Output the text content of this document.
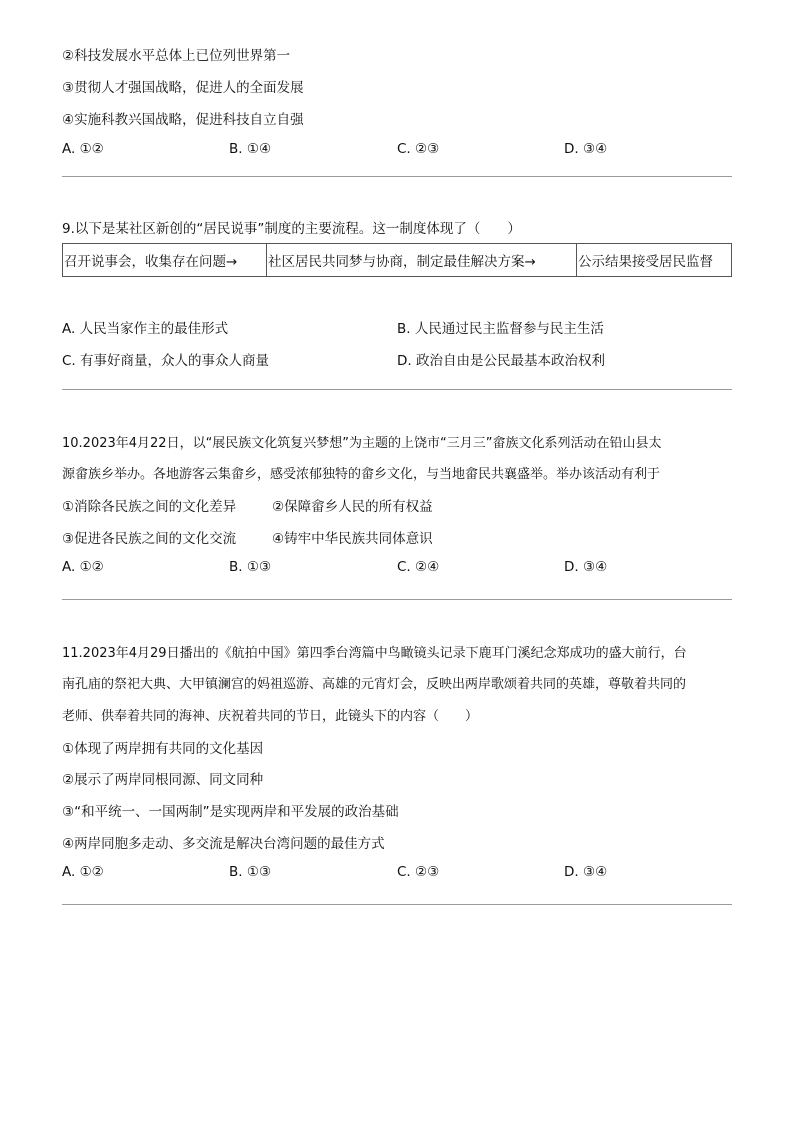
②科技发展水平总体上已位列世界第一
③贯彻人才强国战略，促进人的全面发展
④实施科教兴国战略，促进科技自立自强
A. ①②	B. ①④	C. ②③	D. ③④
9.以下是某社区新创的“居民说事”制度的主要流程。这一制度体现了（　　）
召开说事会，收集存在问题→	社区居民共同梦与协商，制定最佳解决方案→	公示结果接受居民监督
A. 人民当家作主的最佳形式	B. 人民通过民主监督参与民主生活
C. 有事好商量，众人的事众人商量	D. 政治自由是公民最基本政治权利
10.2023年4月22日，以“展民族文化筑复兴梦想”为主题的上饶市“三月三”畲族文化系列活动在铅山县太
源畲族乡举办。各地游客云集畲乡，感受浓郁独特的畲乡文化，与当地畲民共襄盛举。举办该活动有利于
①消除各民族之间的文化差异	②保障畲乡人民的所有权益
③促进各民族之间的文化交流	④铸牢中华民族共同体意识
A. ①②	B. ①③	C. ②④	D. ③④
11.2023年4月29日播出的《航拍中国》第四季台湾篇中鸟瞰镜头记录下鹿耳门溪纪念郑成功的盛大前行，台
南孔庙的祭祀大典、大甲镇澜宫的妈祖巡游、高雄的元宵灯会，反映出两岸歌颂着共同的英雄，尊敬着共同的
老师、供奉着共同的海神、庆祝着共同的节日，此镜头下的内容（　　）
①体现了两岸拥有共同的文化基因
②展示了两岸同根同源、同文同种
③“和平统一、一国两制”是实现两岸和平发展的政治基础
④两岸同胞多走动、多交流是解决台湾问题的最佳方式
A. ①②	B. ①③	C. ②③	D. ③④
